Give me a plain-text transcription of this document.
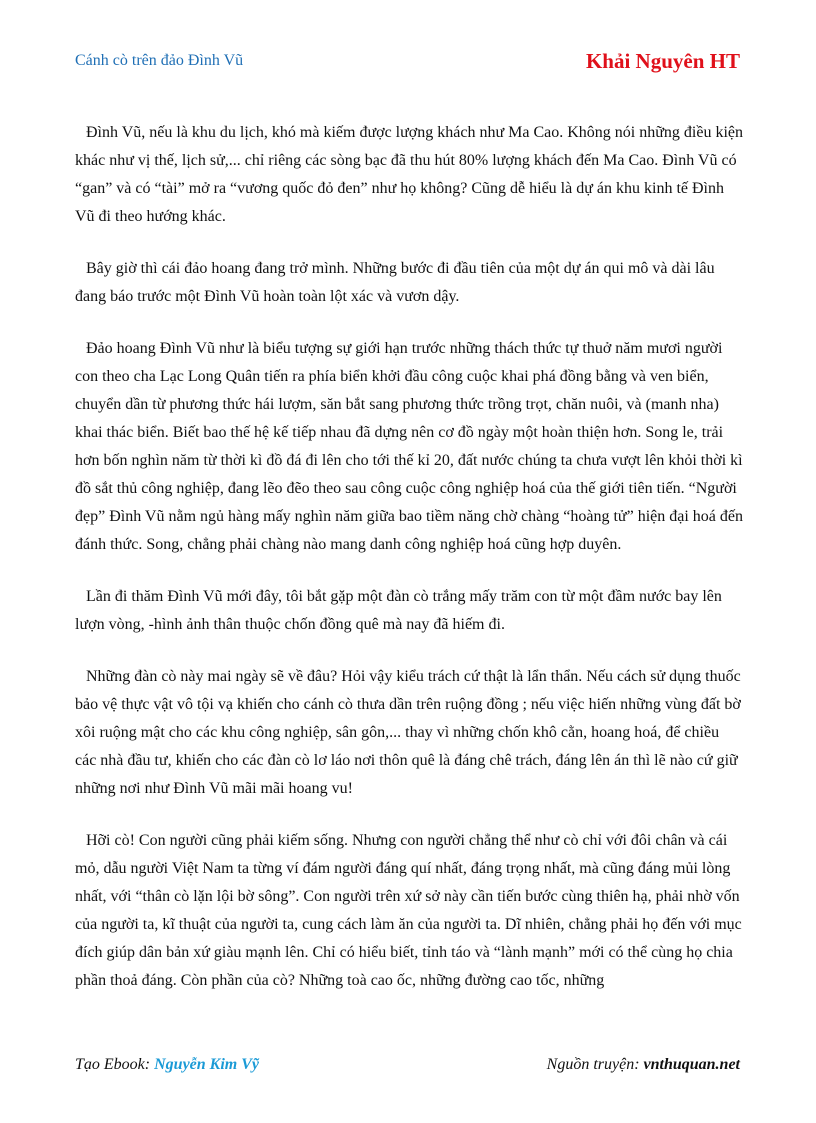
Cánh cò trên đảo Đình Vũ	Khải Nguyên HT

Đình Vũ, nếu là khu du lịch, khó mà kiếm được lượng khách như Ma Cao. Không nói những điều kiện khác như vị thế, lịch sử,... chỉ riêng các sòng bạc đã thu hút 80% lượng khách đến Ma Cao. Đình Vũ có “gan” và có “tài” mở ra “vương quốc đỏ đen” như họ không? Cũng dễ hiểu là dự án khu kinh tế Đình Vũ đi theo hướng khác.

Bây giờ thì cái đảo hoang đang trở mình. Những bước đi đầu tiên của một dự án qui mô và dài lâu đang báo trước một Đình Vũ hoàn toàn lột xác và vươn dậy.

Đảo hoang Đình Vũ như là biểu tượng sự giới hạn trước những thách thức tự thuở năm mươi người con theo cha Lạc Long Quân tiến ra phía biển khởi đầu công cuộc khai phá đồng bằng và ven biển, chuyển dần từ phương thức hái lượm, săn bắt sang phương thức trồng trọt, chăn nuôi, và (manh nha) khai thác biển. Biết bao thế hệ kế tiếp nhau đã dựng nên cơ đồ ngày một hoàn thiện hơn. Song le, trải hơn bốn nghìn năm từ thời kì đồ đá đi lên cho tới thế kỉ 20, đất nước chúng ta chưa vượt lên khỏi thời kì đồ sắt thủ công nghiệp, đang lẽo đẽo theo sau công cuộc công nghiệp hoá của thế giới tiên tiến. “Người đẹp” Đình Vũ nằm ngủ hàng mấy nghìn năm giữa bao tiềm năng chờ chàng “hoàng tử” hiện đại hoá đến đánh thức. Song, chẳng phải chàng nào mang danh công nghiệp hoá cũng hợp duyên.

Lần đi thăm Đình Vũ mới đây, tôi bắt gặp một đàn cò trắng mấy trăm con từ một đầm nước bay lên lượn vòng, -hình ảnh thân thuộc chốn đồng quê mà nay đã hiếm đi.

Những đàn cò này mai ngày sẽ về đâu? Hỏi vậy kiểu trách cứ thật là lẩn thẩn. Nếu cách sử dụng thuốc bảo vệ thực vật vô tội vạ khiến cho cánh cò thưa dần trên ruộng đồng ; nếu việc hiến những vùng đất bờ xôi ruộng mật cho các khu công nghiệp, sân gôn,... thay vì những chốn khô cằn, hoang hoá, để chiều các nhà đầu tư, khiến cho các đàn cò lơ láo nơi thôn quê là đáng chê trách, đáng lên án thì lẽ nào cứ giữ những nơi như Đình Vũ mãi mãi hoang vu!

Hỡi cò! Con người cũng phải kiếm sống. Nhưng con người chẳng thể như cò chỉ với đôi chân và cái mỏ, dẫu người Việt Nam ta từng ví đám người đáng quí nhất, đáng trọng nhất, mà cũng đáng mủi lòng nhất, với “thân cò lặn lội bờ sông”. Con người trên xứ sở này cần tiến bước cùng thiên hạ, phải nhờ vốn của người ta, kĩ thuật của người ta, cung cách làm ăn của người ta. Dĩ nhiên, chẳng phải họ đến với mục đích giúp dân bản xứ giàu mạnh lên. Chỉ có hiểu biết, tỉnh táo và “lành mạnh” mới có thể cùng họ chia phần thoả đáng. Còn phần của cò? Những toà cao ốc, những đường cao tốc, những

Tạo Ebook: Nguyễn Kim Vỹ	Nguồn truyện: vnthuquan.net
